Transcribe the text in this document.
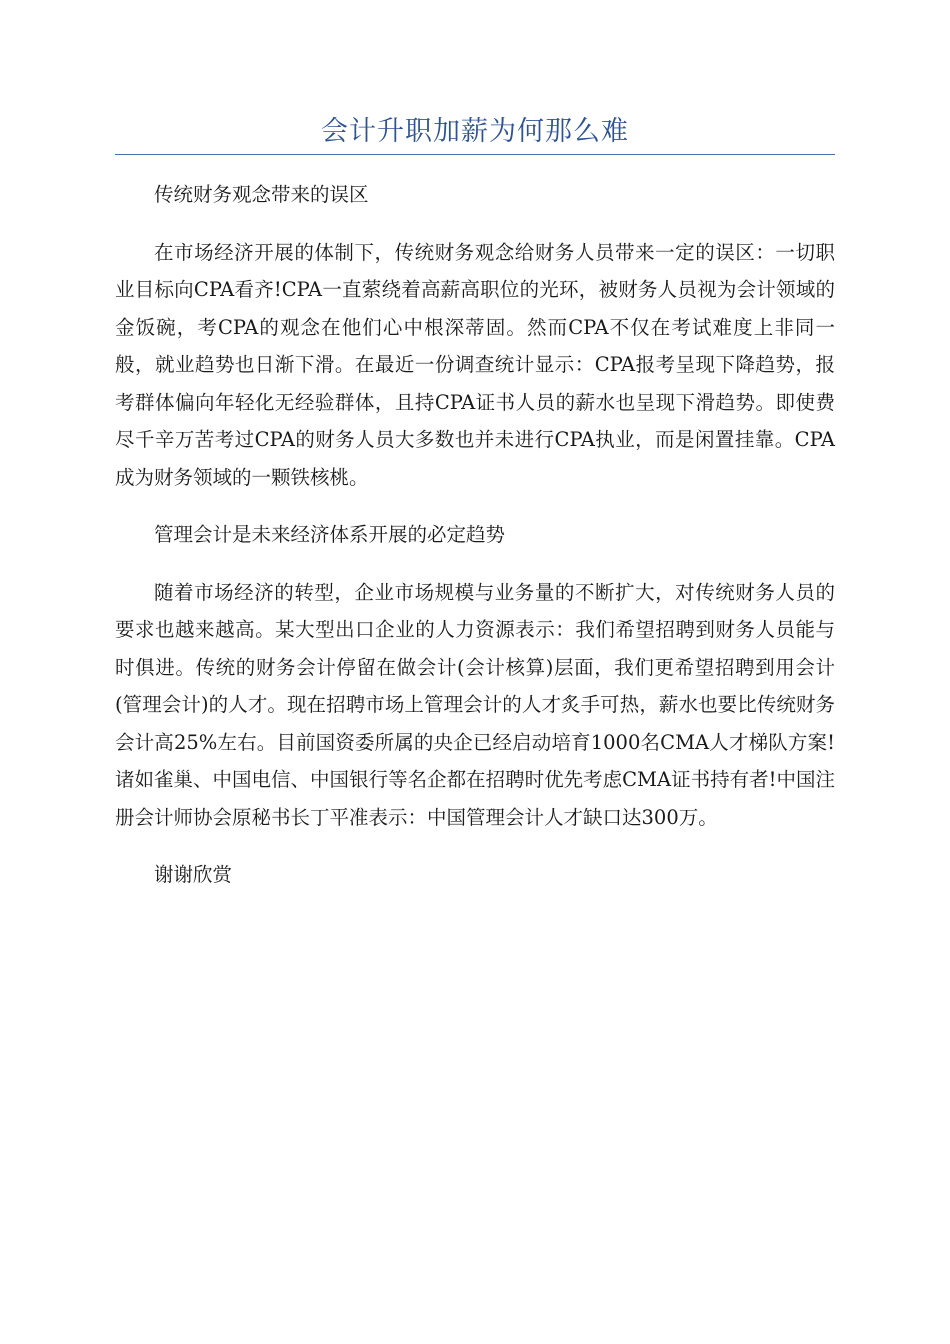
会计升职加薪为何那么难

传统财务观念带来的误区

在市场经济开展的体制下，传统财务观念给财务人员带来一定的误区：一切职业目标向CPA看齐!CPA一直萦绕着高薪高职位的光环，被财务人员视为会计领域的金饭碗，考CPA的观念在他们心中根深蒂固。然而CPA不仅在考试难度上非同一般，就业趋势也日渐下滑。在最近一份调查统计显示：CPA报考呈现下降趋势，报考群体偏向年轻化无经验群体，且持CPA证书人员的薪水也呈现下滑趋势。即使费尽千辛万苦考过CPA的财务人员大多数也并未进行CPA执业，而是闲置挂靠。CPA成为财务领域的一颗铁核桃。

管理会计是未来经济体系开展的必定趋势

随着市场经济的转型，企业市场规模与业务量的不断扩大，对传统财务人员的要求也越来越高。某大型出口企业的人力资源表示：我们希望招聘到财务人员能与时俱进。传统的财务会计停留在做会计(会计核算)层面，我们更希望招聘到用会计(管理会计)的人才。现在招聘市场上管理会计的人才炙手可热，薪水也要比传统财务会计高25%左右。目前国资委所属的央企已经启动培育1000名CMA人才梯队方案!诸如雀巢、中国电信、中国银行等名企都在招聘时优先考虑CMA证书持有者!中国注册会计师协会原秘书长丁平准表示：中国管理会计人才缺口达300万。

谢谢欣赏
